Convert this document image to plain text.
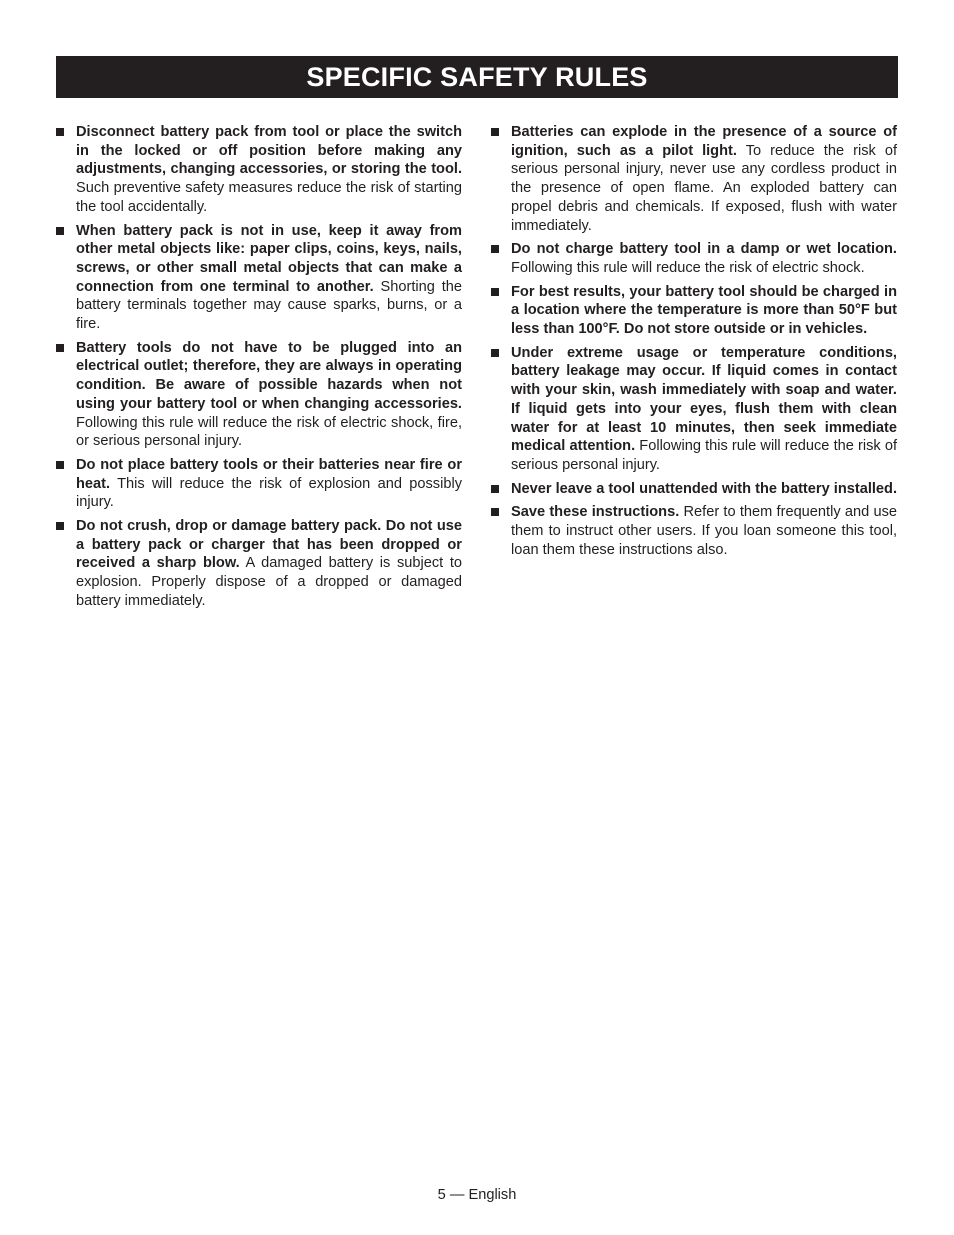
SPECIFIC SAFETY RULES

Disconnect battery pack from tool or place the switch in the locked or off position before making any adjustments, changing accessories, or storing the tool. Such preventive safety measures reduce the risk of starting the tool accidentally.

When battery pack is not in use, keep it away from other metal objects like: paper clips, coins, keys, nails, screws, or other small metal objects that can make a connection from one terminal to another. Shorting the battery terminals together may cause sparks, burns, or a fire.

Battery tools do not have to be plugged into an electrical outlet; therefore, they are always in operating condition. Be aware of possible hazards when not using your battery tool or when changing accessories. Following this rule will reduce the risk of electric shock, fire, or serious personal injury.

Do not place battery tools or their batteries near fire or heat. This will reduce the risk of explosion and possibly injury.

Do not crush, drop or damage battery pack. Do not use a battery pack or charger that has been dropped or received a sharp blow. A damaged battery is subject to explosion. Properly dispose of a dropped or damaged battery immediately.

Batteries can explode in the presence of a source of ignition, such as a pilot light. To reduce the risk of serious personal injury, never use any cordless product in the presence of open flame. An exploded battery can propel debris and chemicals. If exposed, flush with water immediately.

Do not charge battery tool in a damp or wet location. Following this rule will reduce the risk of electric shock.

For best results, your battery tool should be charged in a location where the temperature is more than 50°F but less than 100°F. Do not store outside or in vehicles.

Under extreme usage or temperature conditions, battery leakage may occur. If liquid comes in contact with your skin, wash immediately with soap and water. If liquid gets into your eyes, flush them with clean water for at least 10 minutes, then seek immediate medical attention. Following this rule will reduce the risk of serious personal injury.

Never leave a tool unattended with the battery installed.

Save these instructions. Refer to them frequently and use them to instruct other users. If you loan someone this tool, loan them these instructions also.

5 — English
